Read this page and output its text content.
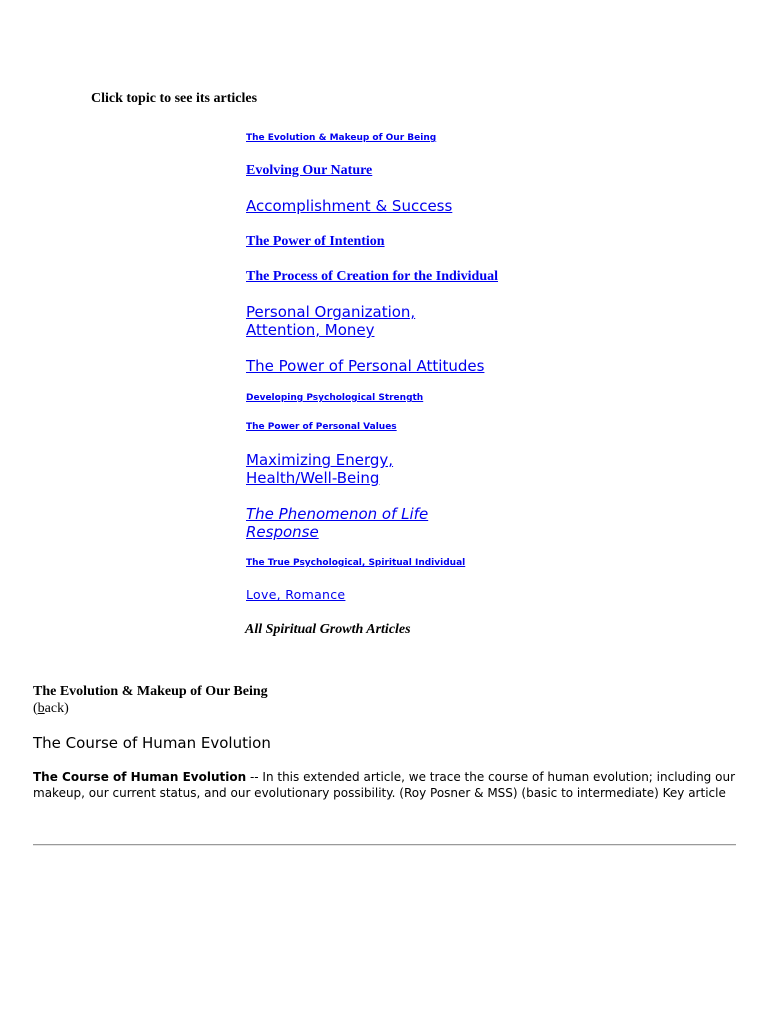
Click topic to see its articles

The Evolution & Makeup of Our Being
Evolving Our Nature
Accomplishment & Success
The Power of Intention
The Process of Creation for the Individual
Personal Organization,
Attention, Money
The Power of Personal Attitudes
Developing Psychological Strength
The Power of Personal Values
Maximizing Energy,
Health/Well-Being
The Phenomenon of Life
Response
The True Psychological, Spiritual Individual
Love, Romance

All Spiritual Growth Articles

The Evolution & Makeup of Our Being

(back)

The Course of Human Evolution

The Course of Human Evolution -- In this extended article, we trace the course of human evolution; including our makeup, our current status, and our evolutionary possibility. (Roy Posner & MSS) (basic to intermediate) Key article
